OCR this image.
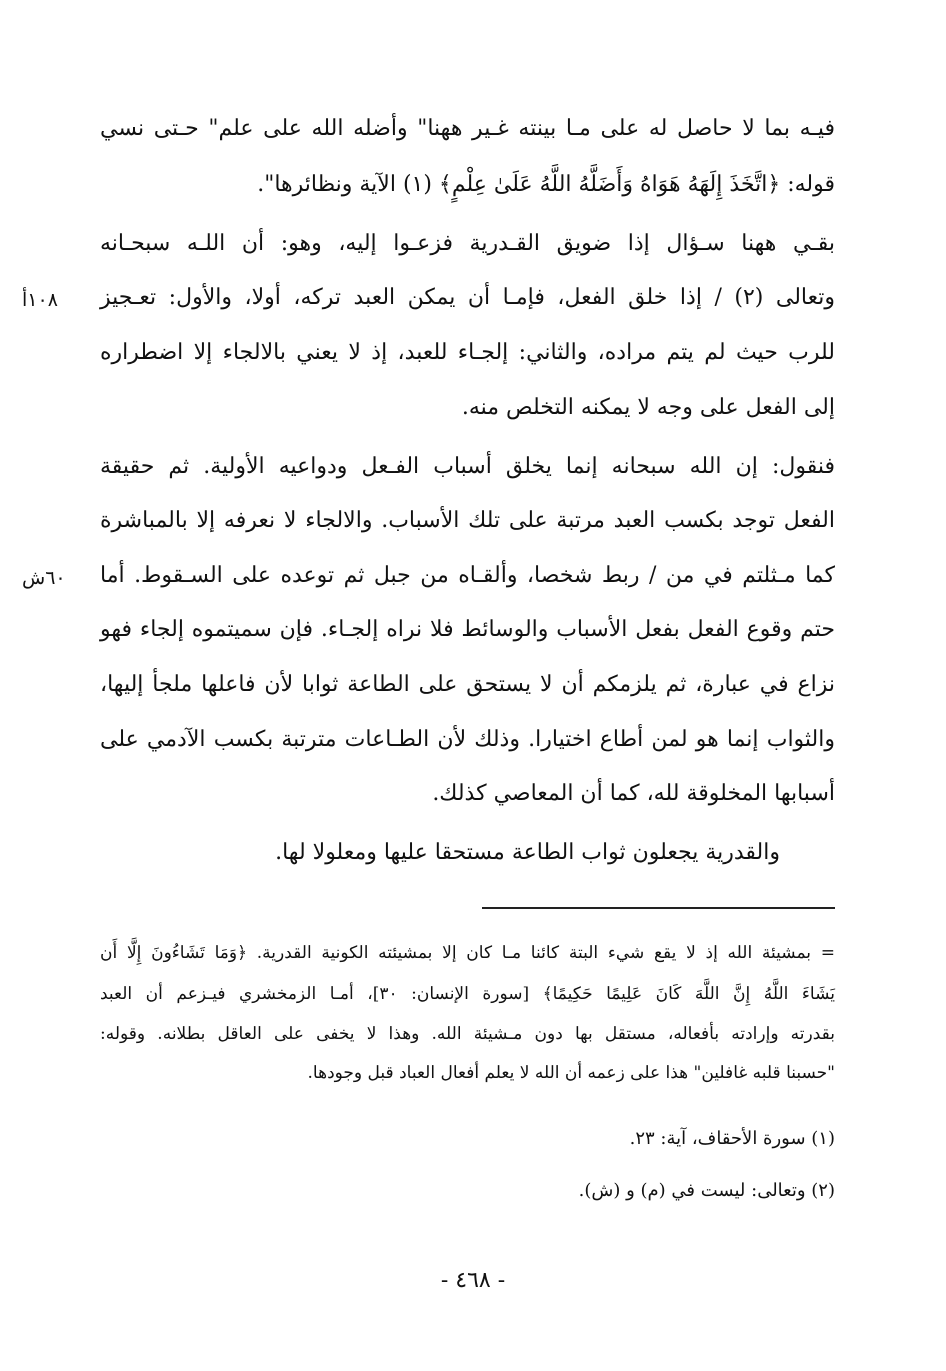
فيـه بما لا حاصل له على مـا بينته غـير ههنا" وأضله الله على علم" حـتى نسي
قوله: ﴿اتَّخَذَ إِلَهَهُ هَوَاهُ وَأَضَلَّهُ اللَّهُ عَلَىٰ عِلْمٍ﴾ (١) الآية ونظائرها".
بقـي ههنا سـؤال إذا ضويق القـدرية فزعـوا إليه، وهو: أن اللـه سبحـانه
وتعالى (٢) / إذا خلق الفعل، فإمـا أن يمكن العبد تركه، أولا، والأول: تعـجيز
للرب حيث لم يتم مراده، والثاني: إلجـاء للعبد، إذ لا يعني بالالجاء إلا اضطراره
إلى الفعل على وجه لا يمكنه التخلص منه.
فنقول: إن الله سبحانه إنما يخلق أسباب الفـعل ودواعيه الأولية. ثم حقيقة
الفعل توجد بكسب العبد مرتبة على تلك الأسباب. والالجاء لا نعرفه إلا بالمباشرة
كما مـثلتم في من / ربط شخصا، وألقـاه من جبل ثم توعده على السـقوط. أما
حتم وقوع الفعل بفعل الأسباب والوسائط فلا نراه إلجـاء. فإن سميتموه إلجاء فهو
نزاع في عبارة، ثم يلزمكم أن لا يستحق على الطاعة ثوابا لأن فاعلها ملجأ إليها،
والثواب إنما هو لمن أطاع اختيارا. وذلك لأن الطـاعات مترتبة بكسب الآدمي على
أسبابها المخلوقة لله، كما أن المعاصي كذلك.
والقدرية يجعلون ثواب الطاعة مستحقا عليها ومعلولا لها.
١٠٨أ
٦٠ش
= بمشيئة الله إذ لا يقع شيء البتة كائنا مـا كان إلا بمشيئته الكونية القدرية. ﴿وَمَا تَشَاءُونَ إِلَّا أَن
يَشَاءَ اللَّهُ إِنَّ اللَّهَ كَانَ عَلِيمًا حَكِيمًا﴾ [سورة الإنسان: ٣٠]، أمـا الزمخشري فيـزعم أن العبد
بقدرته وإرادته بأفعاله، مستقل بها دون مـشيئة الله. وهذا لا يخفى على العاقل بطلانه. وقوله:
"حسبنا قلبه غافلين" هذا على زعمه أن الله لا يعلم أفعال العباد قبل وجودها.
(١) سورة الأحقاف، آية: ٢٣.
(٢) وتعالى: ليست في (م) و (ش).
- ٤٦٨ -
